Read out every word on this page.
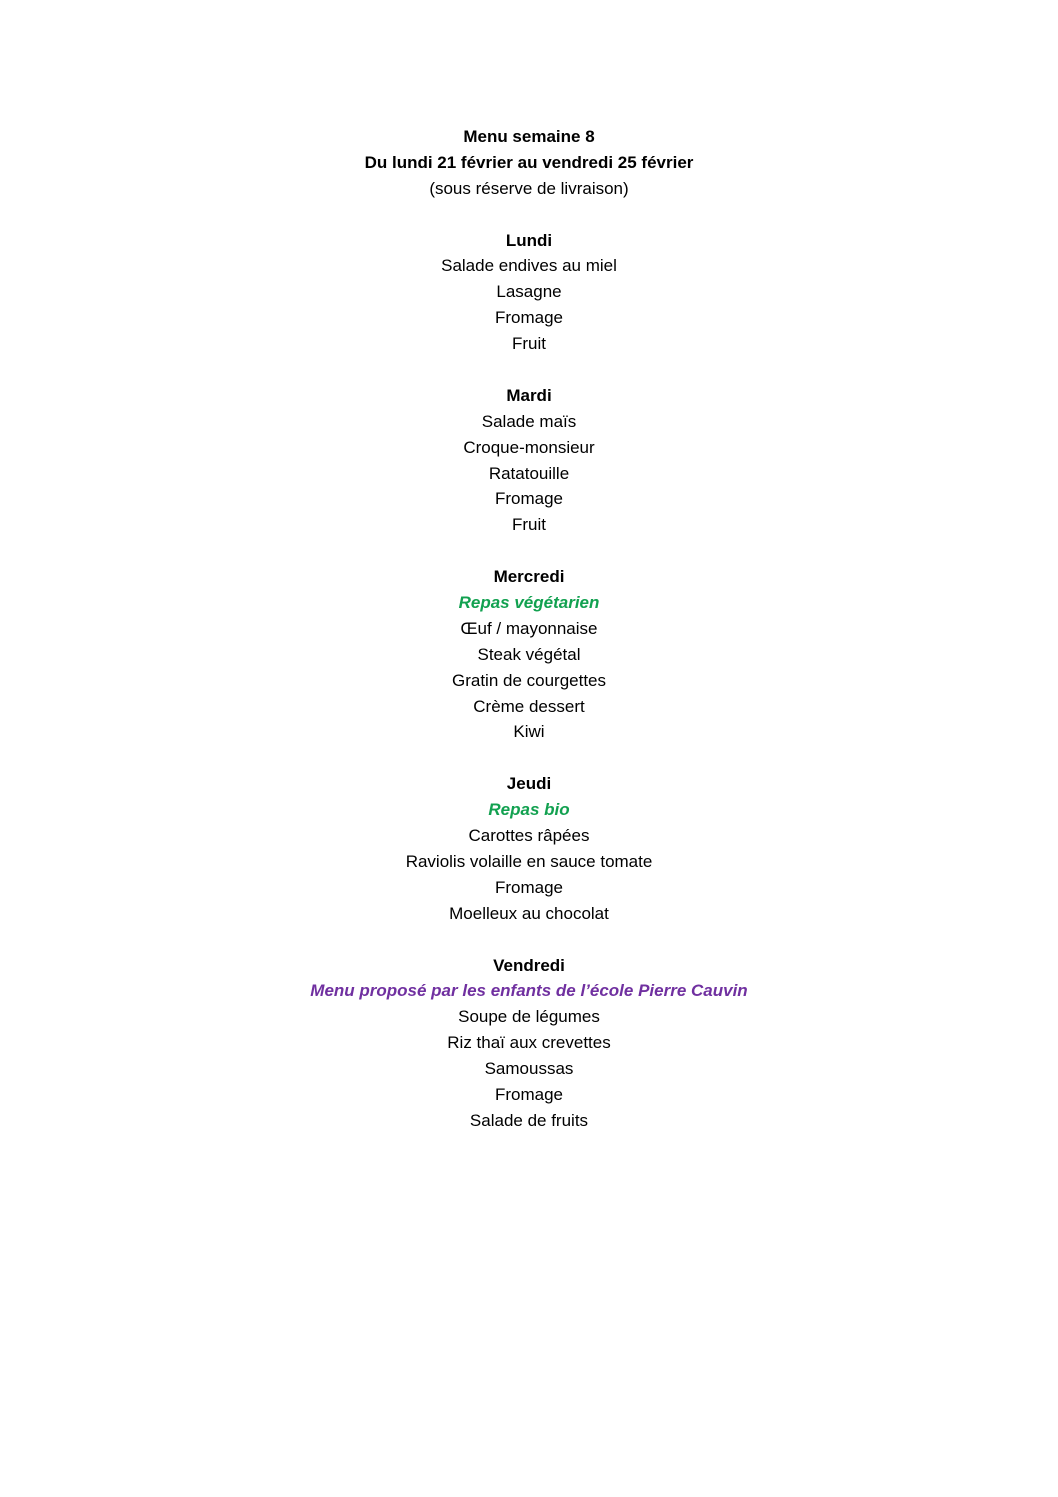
Menu semaine 8
Du lundi 21 février au vendredi 25 février
(sous réserve de livraison)
Lundi
Salade endives au miel
Lasagne
Fromage
Fruit
Mardi
Salade maïs
Croque-monsieur
Ratatouille
Fromage
Fruit
Mercredi
Repas végétarien
Œuf / mayonnaise
Steak végétal
Gratin de courgettes
Crème dessert
Kiwi
Jeudi
Repas bio
Carottes râpées
Raviolis volaille en sauce tomate
Fromage
Moelleux au chocolat
Vendredi
Menu proposé par les enfants de l’école Pierre Cauvin
Soupe de légumes
Riz thaï aux crevettes
Samoussas
Fromage
Salade de fruits
